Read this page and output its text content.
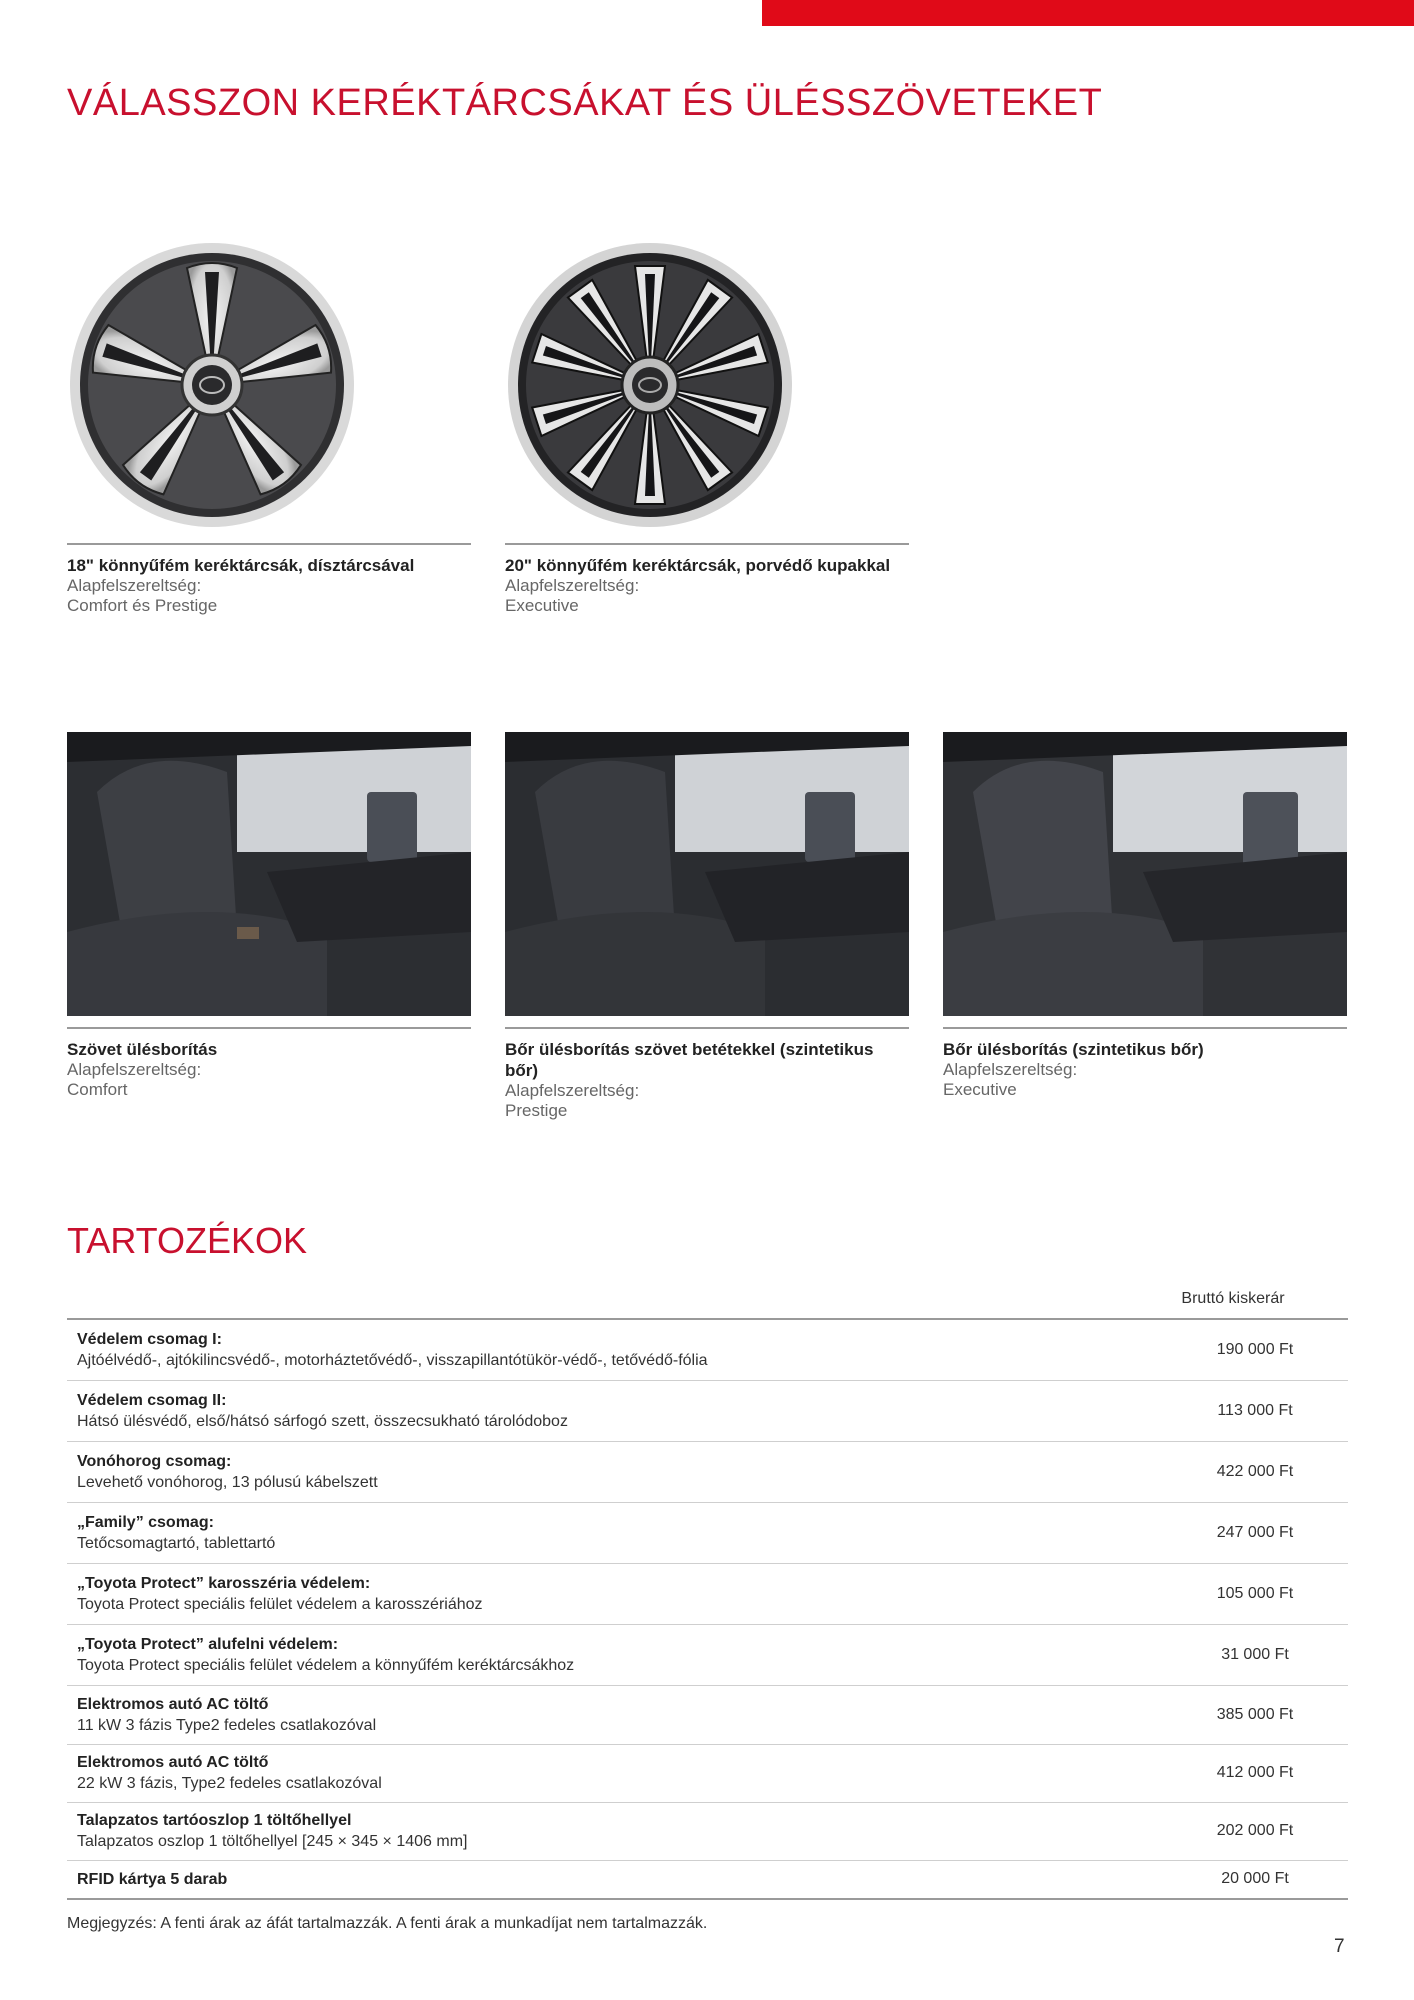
VÁLASSZON KERÉKTÁRCSÁKAT ÉS ÜLÉSSZÖVETEKET
18" könnyűfém keréktárcsák, dísztárcsával
Alapfelszereltség:
Comfort és Prestige
20" könnyűfém keréktárcsák, porvédő kupakkal
Alapfelszereltség:
Executive
Szövet ülésborítás
Alapfelszereltség:
Comfort
Bőr ülésborítás szövet betétekkel (szintetikus bőr)
Alapfelszereltség:
Prestige
Bőr ülésborítás (szintetikus bőr)
Alapfelszereltség:
Executive
TARTOZÉKOK
Bruttó kiskerár
Védelem csomag I:
Ajtóélvédő-, ajtókilincsvédő-, motorháztetővédő-, visszapillantótükör-védő-, tetővédő-fólia	190 000 Ft

Védelem csomag II:
Hátsó ülésvédő, első/hátsó sárfogó szett, összecsukható tárolódoboz	113 000 Ft

Vonóhorog csomag:
Levehető vonóhorog, 13 pólusú kábelszett	422 000 Ft

„Family” csomag:
Tetőcsomagtartó, tablettartó	247 000 Ft

„Toyota Protect” karosszéria védelem:
Toyota Protect speciális felület védelem a karosszériához	105 000 Ft

„Toyota Protect” alufelni védelem:
Toyota Protect speciális felület védelem a könnyűfém keréktárcsákhoz	31 000 Ft

Elektromos autó AC töltő
11 kW 3 fázis Type2 fedeles csatlakozóval	385 000 Ft

Elektromos autó AC töltő
22 kW 3 fázis, Type2 fedeles csatlakozóval	412 000 Ft

Talapzatos tartóoszlop 1 töltőhellyel
Talapzatos oszlop 1 töltőhellyel [245 × 345 × 1406 mm]	202 000 Ft

RFID kártya 5 darab	20 000 Ft
Megjegyzés: A fenti árak az áfát tartalmazzák. A fenti árak a munkadíjat nem tartalmazzák.
7
